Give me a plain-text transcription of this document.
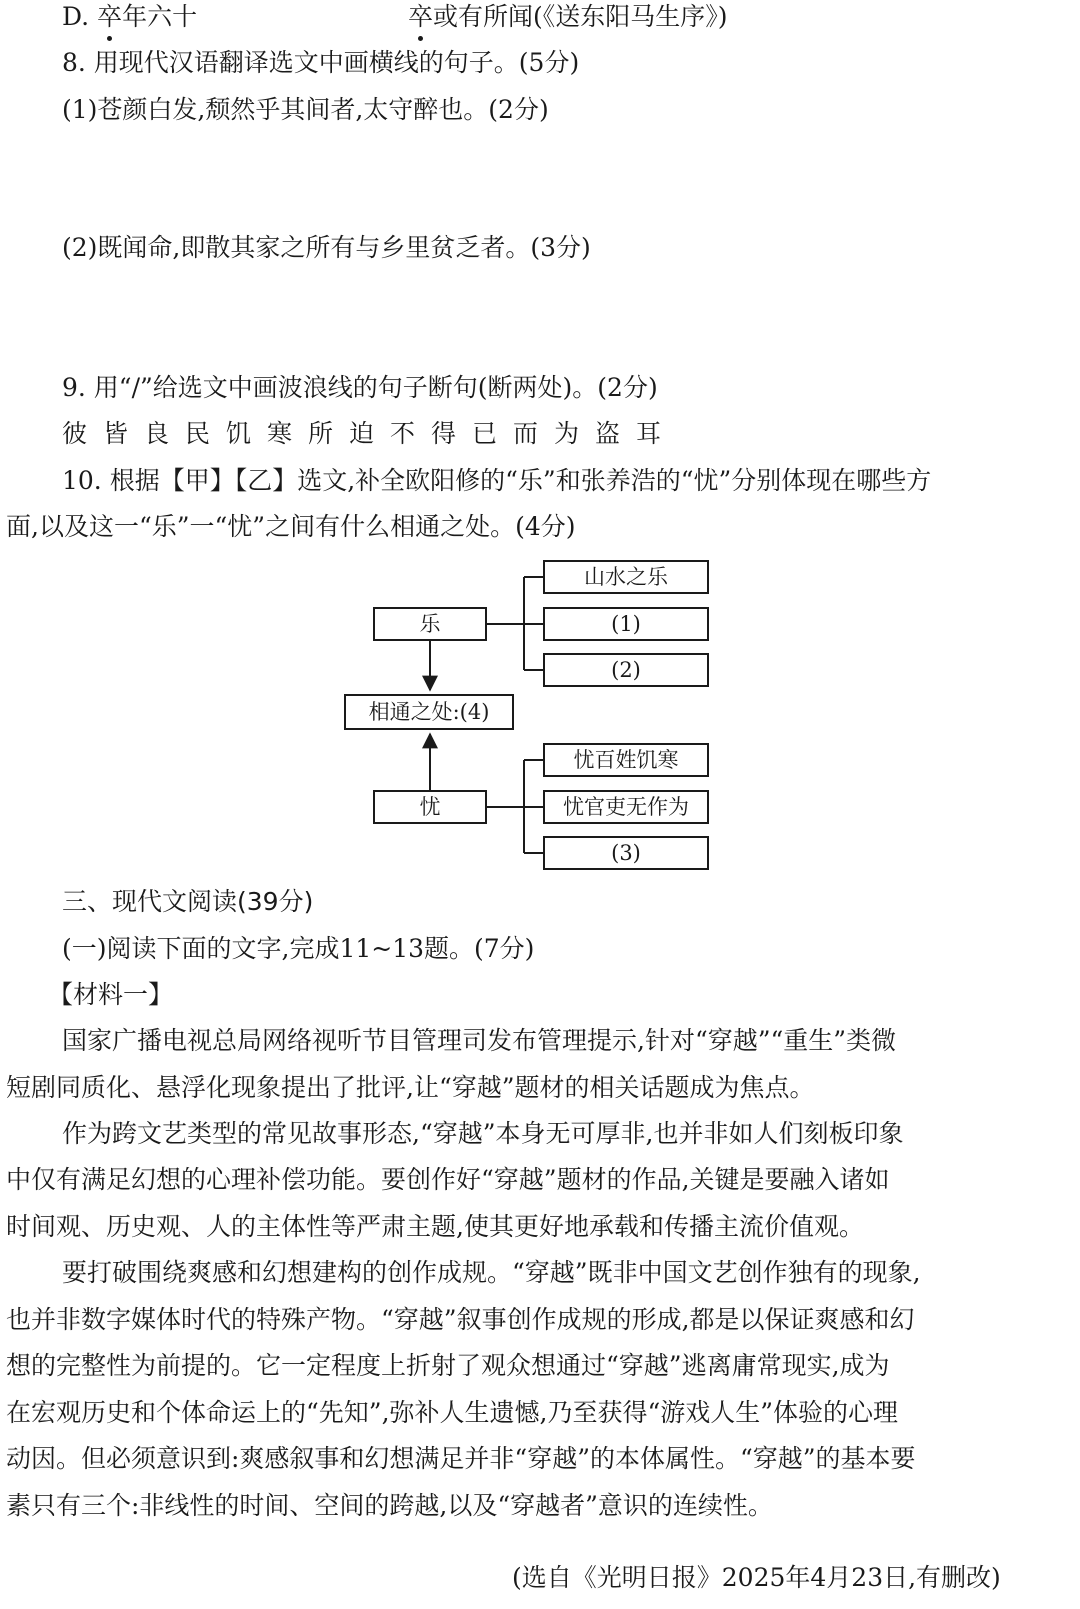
D. 卒年六十	卒或有所闻(《送东阳马生序》)
8. 用现代汉语翻译选文中画横线的句子。(5分)
(1)苍颜白发,颓然乎其间者,太守醉也。(2分)
(2)既闻命,即散其家之所有与乡里贫乏者。(3分)
9. 用“/”给选文中画波浪线的句子断句(断两处)。(2分)
彼皆良民饥寒所迫不得已而为盗耳
10. 根据【甲】【乙】选文,补全欧阳修的“乐”和张养浩的“忧”分别体现在哪些方
面,以及这一“乐”一“忧”之间有什么相通之处。(4分)
乐
相通之处:(4)
忧
山水之乐
(1)
(2)
忧百姓饥寒
忧官吏无作为
(3)
三、现代文阅读(39分)
(一)阅读下面的文字,完成11~13题。(7分)
【材料一】
国家广播电视总局网络视听节目管理司发布管理提示,针对“穿越”“重生”类微
短剧同质化、悬浮化现象提出了批评,让“穿越”题材的相关话题成为焦点。
作为跨文艺类型的常见故事形态,“穿越”本身无可厚非,也并非如人们刻板印象
中仅有满足幻想的心理补偿功能。要创作好“穿越”题材的作品,关键是要融入诸如
时间观、历史观、人的主体性等严肃主题,使其更好地承载和传播主流价值观。
要打破围绕爽感和幻想建构的创作成规。“穿越”既非中国文艺创作独有的现象,
也并非数字媒体时代的特殊产物。“穿越”叙事创作成规的形成,都是以保证爽感和幻
想的完整性为前提的。它一定程度上折射了观众想通过“穿越”逃离庸常现实,成为
在宏观历史和个体命运上的“先知”,弥补人生遗憾,乃至获得“游戏人生”体验的心理
动因。但必须意识到:爽感叙事和幻想满足并非“穿越”的本体属性。“穿越”的基本要
素只有三个:非线性的时间、空间的跨越,以及“穿越者”意识的连续性。
(选自《光明日报》2025年4月23日,有删改)
